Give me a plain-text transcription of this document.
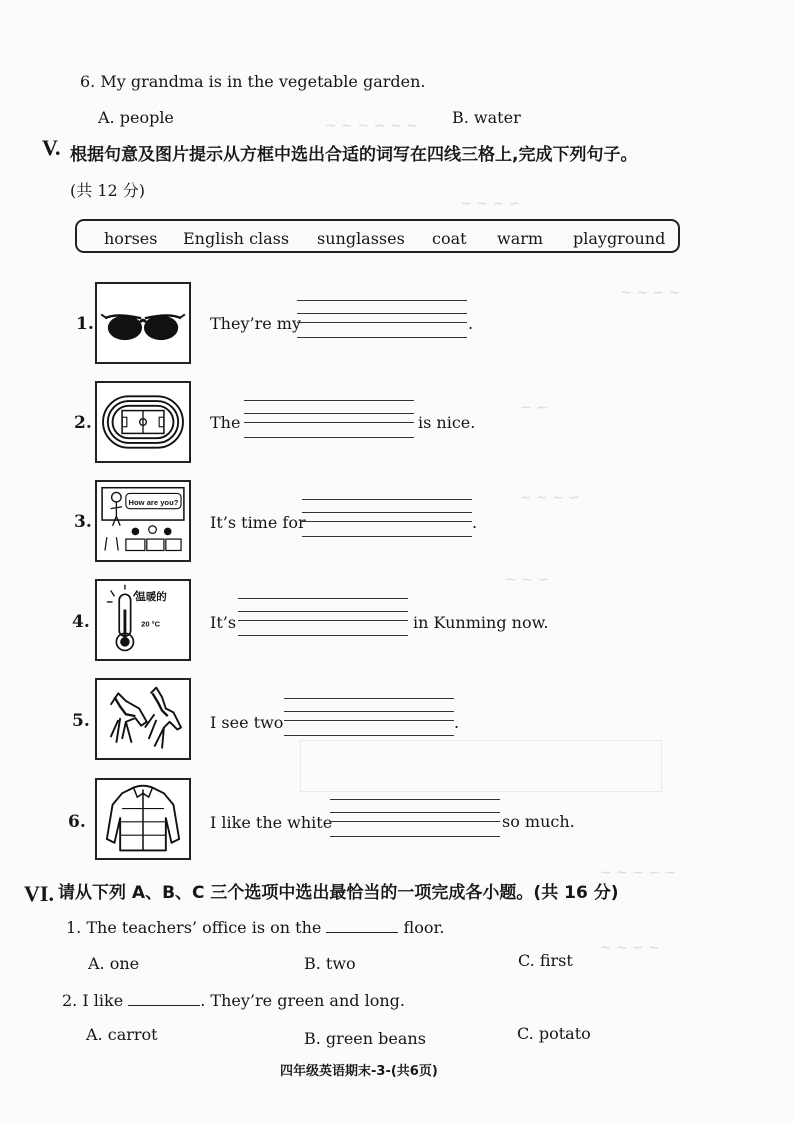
~ ∼ ~ ∽ ∼ ∼
∼ ~ ∼ ∽
~ ∼ ∽ ∼
~ ∼
∼ ~ ∼ ∽
~ ∼ ∽
∼ ~ ∼ ∽ ∼
~ ∼ ∽ ∼
6. My grandma is in the vegetable garden.
A. people	B. water
V. 根据句意及图片提示从方框中选出合适的词写在四线三格上,完成下列句子。
(共 12 分)
horses English class sunglasses coat warm playground
1.	They’re my	.
2.	The	is nice.
3.
How are you?
It’s time for	.
4.
温暖的
20 °C	It’s	in Kunming now.
5.	I see two	.
6.	I like the white	so much.
VI. 请从下列 A、B、C 三个选项中选出最恰当的一项完成各小题。(共 16 分)
1. The teachers’ office is on the	floor.
A. one	B. two	C. first
2. I like	. They’re green and long.
A. carrot	B. green beans	C. potato
四年级英语期末-3-(共6页)
